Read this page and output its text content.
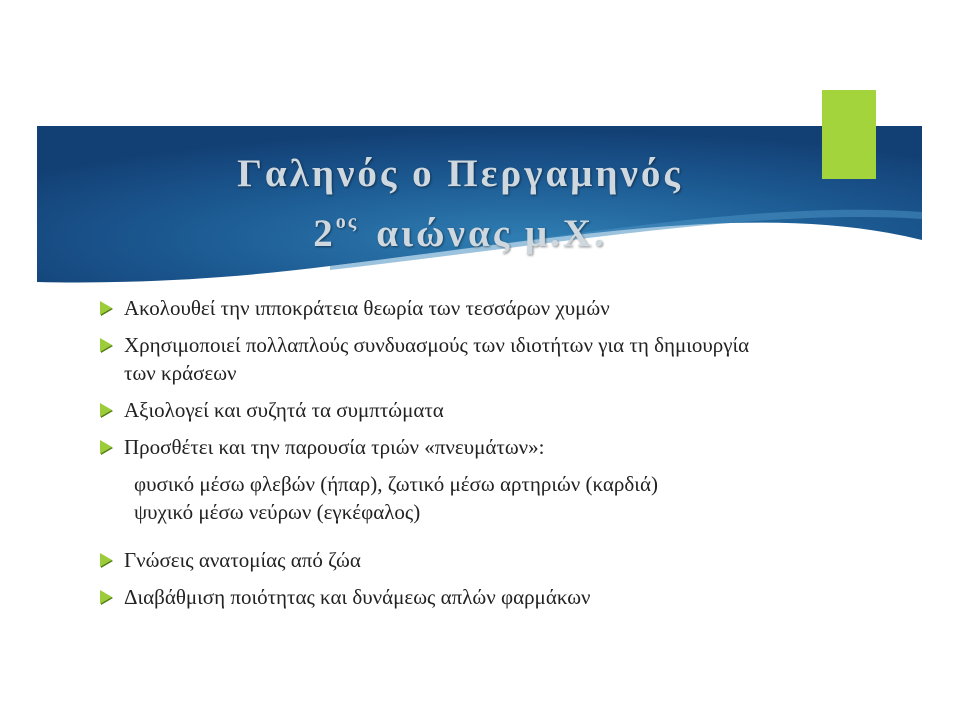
Γαληνός ο Περγαμηνός
$2^{o\varsigma}$ αιώνας μ.Χ.
Ακολουθεί την ιπποκράτεια θεωρία των τεσσάρων χυμών
Χρησιμοποιεί πολλαπλούς συνδυασμούς των ιδιοτήτων για τη δημιουργία των κράσεων
Αξιολογεί και συζητά τα συμπτώματα
Προσθέτει και την παρουσία τριών «πνευμάτων»:
φυσικό μέσω φλεβών (ήπαρ), ζωτικό μέσω αρτηριών (καρδιά)
ψυχικό μέσω νεύρων (εγκέφαλος)
Γνώσεις ανατομίας από ζώα
Διαβάθμιση ποιότητας και δυνάμεως απλών φαρμάκων
